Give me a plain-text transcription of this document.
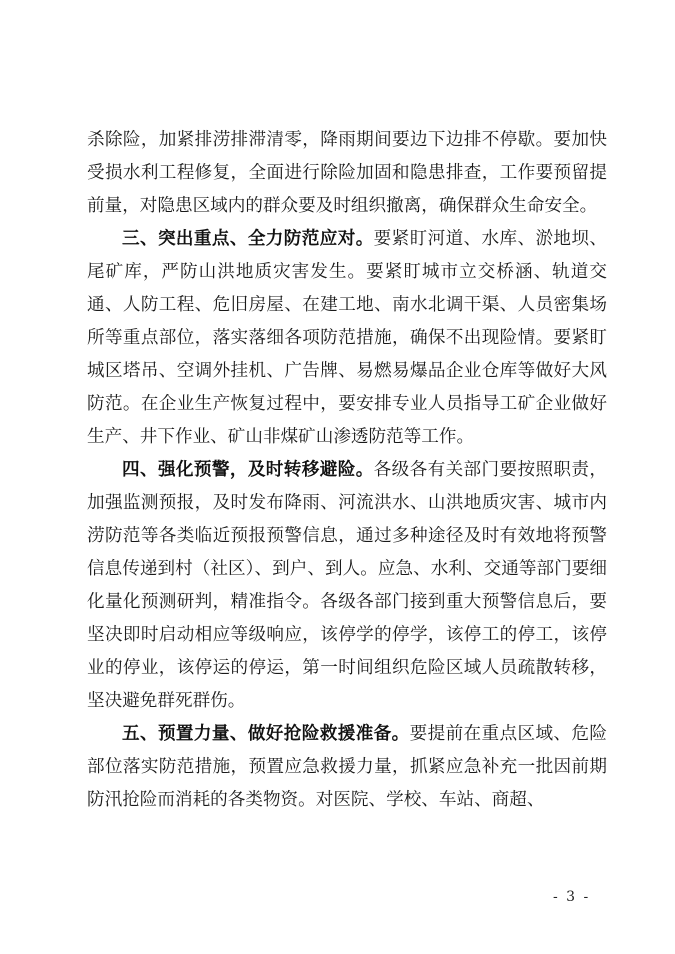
杀除险，加紧排涝排滞清零，降雨期间要边下边排不停歇。要加快受损水利工程修复，全面进行除险加固和隐患排查，工作要预留提前量，对隐患区域内的群众要及时组织撤离，确保群众生命安全。

三、突出重点、全力防范应对。要紧盯河道、水库、淤地坝、尾矿库，严防山洪地质灾害发生。要紧盯城市立交桥涵、轨道交通、人防工程、危旧房屋、在建工地、南水北调干渠、人员密集场所等重点部位，落实落细各项防范措施，确保不出现险情。要紧盯城区塔吊、空调外挂机、广告牌、易燃易爆品企业仓库等做好大风防范。在企业生产恢复过程中，要安排专业人员指导工矿企业做好生产、井下作业、矿山非煤矿山渗透防范等工作。

四、强化预警，及时转移避险。各级各有关部门要按照职责，加强监测预报，及时发布降雨、河流洪水、山洪地质灾害、城市内涝防范等各类临近预报预警信息，通过多种途径及时有效地将预警信息传递到村（社区）、到户、到人。应急、水利、交通等部门要细化量化预测研判，精准指令。各级各部门接到重大预警信息后，要坚决即时启动相应等级响应，该停学的停学，该停工的停工，该停业的停业，该停运的停运，第一时间组织危险区域人员疏散转移，坚决避免群死群伤。

五、预置力量、做好抢险救援准备。要提前在重点区域、危险部位落实防范措施，预置应急救援力量，抓紧应急补充一批因前期防汛抢险而消耗的各类物资。对医院、学校、车站、商超、

- 3 -
